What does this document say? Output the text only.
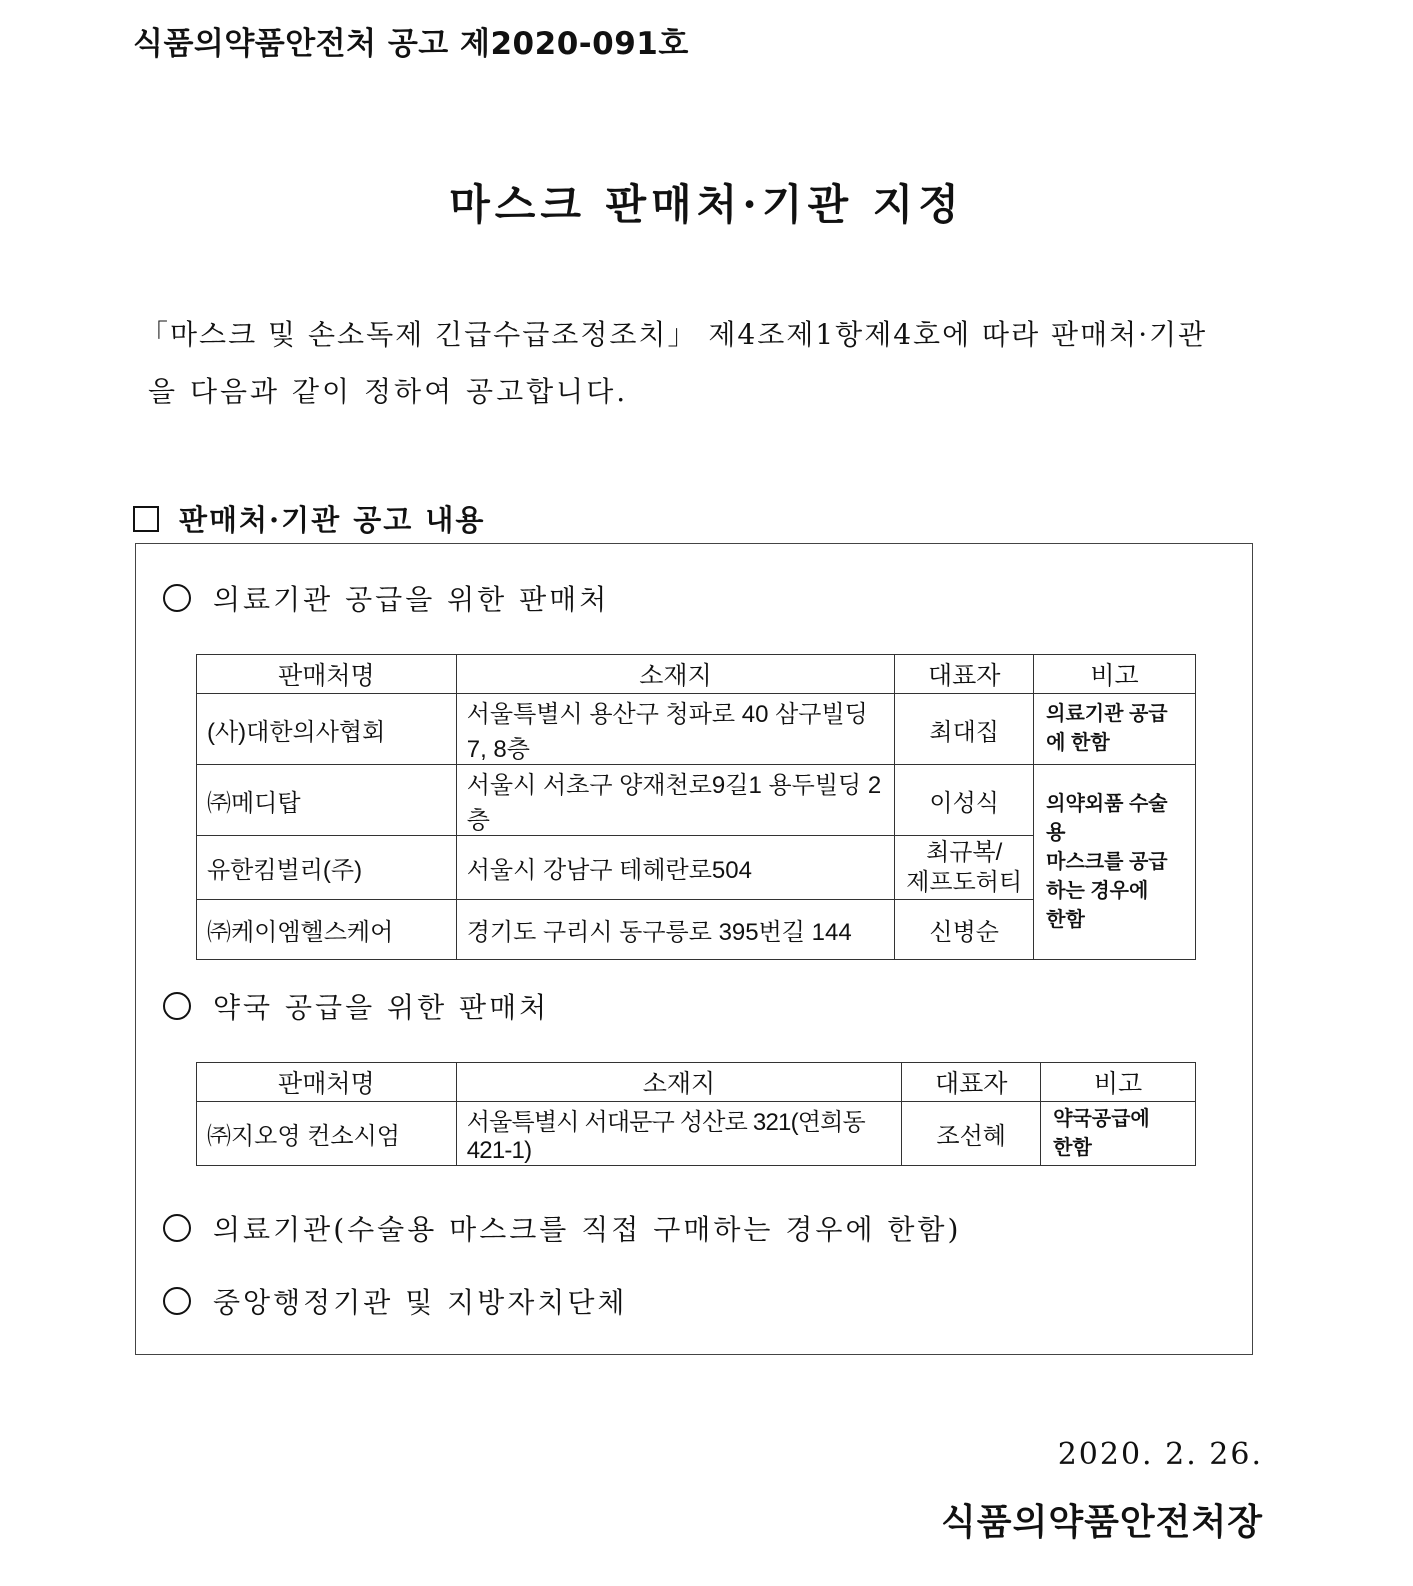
식품의약품안전처 공고 제2020-091호
마스크 판매처·기관 지정
「마스크 및 손소독제 긴급수급조정조치」 제4조제1항제4호에 따라 판매처·기관
을 다음과 같이 정하여 공고합니다.
판매처·기관 공고 내용
의료기관 공급을 위한 판매처
판매처명	소재지	대표자	비고
(사)대한의사협회	서울특별시 용산구 청파로 40 삼구빌딩 7, 8층	최대집	의료기관 공급
에 한함
㈜메디탑	서울시 서초구 양재천로9길1 용두빌딩 2층	이성식	의약외품 수술용
마스크를 공급
하는 경우에
한함
유한킴벌리(주)	서울시 강남구 테헤란로504	최규복/
제프도허티	
㈜케이엠헬스케어	경기도 구리시 동구릉로 395번길 144	신병순	
약국 공급을 위한 판매처
판매처명	소재지	대표자	비고
㈜지오영 컨소시엄	서울특별시 서대문구 성산로 321(연희동 421-1)	조선혜	약국공급에
한함
의료기관(수술용 마스크를 직접 구매하는 경우에 한함)
중앙행정기관 및 지방자치단체
2020. 2. 26.
식품의약품안전처장
